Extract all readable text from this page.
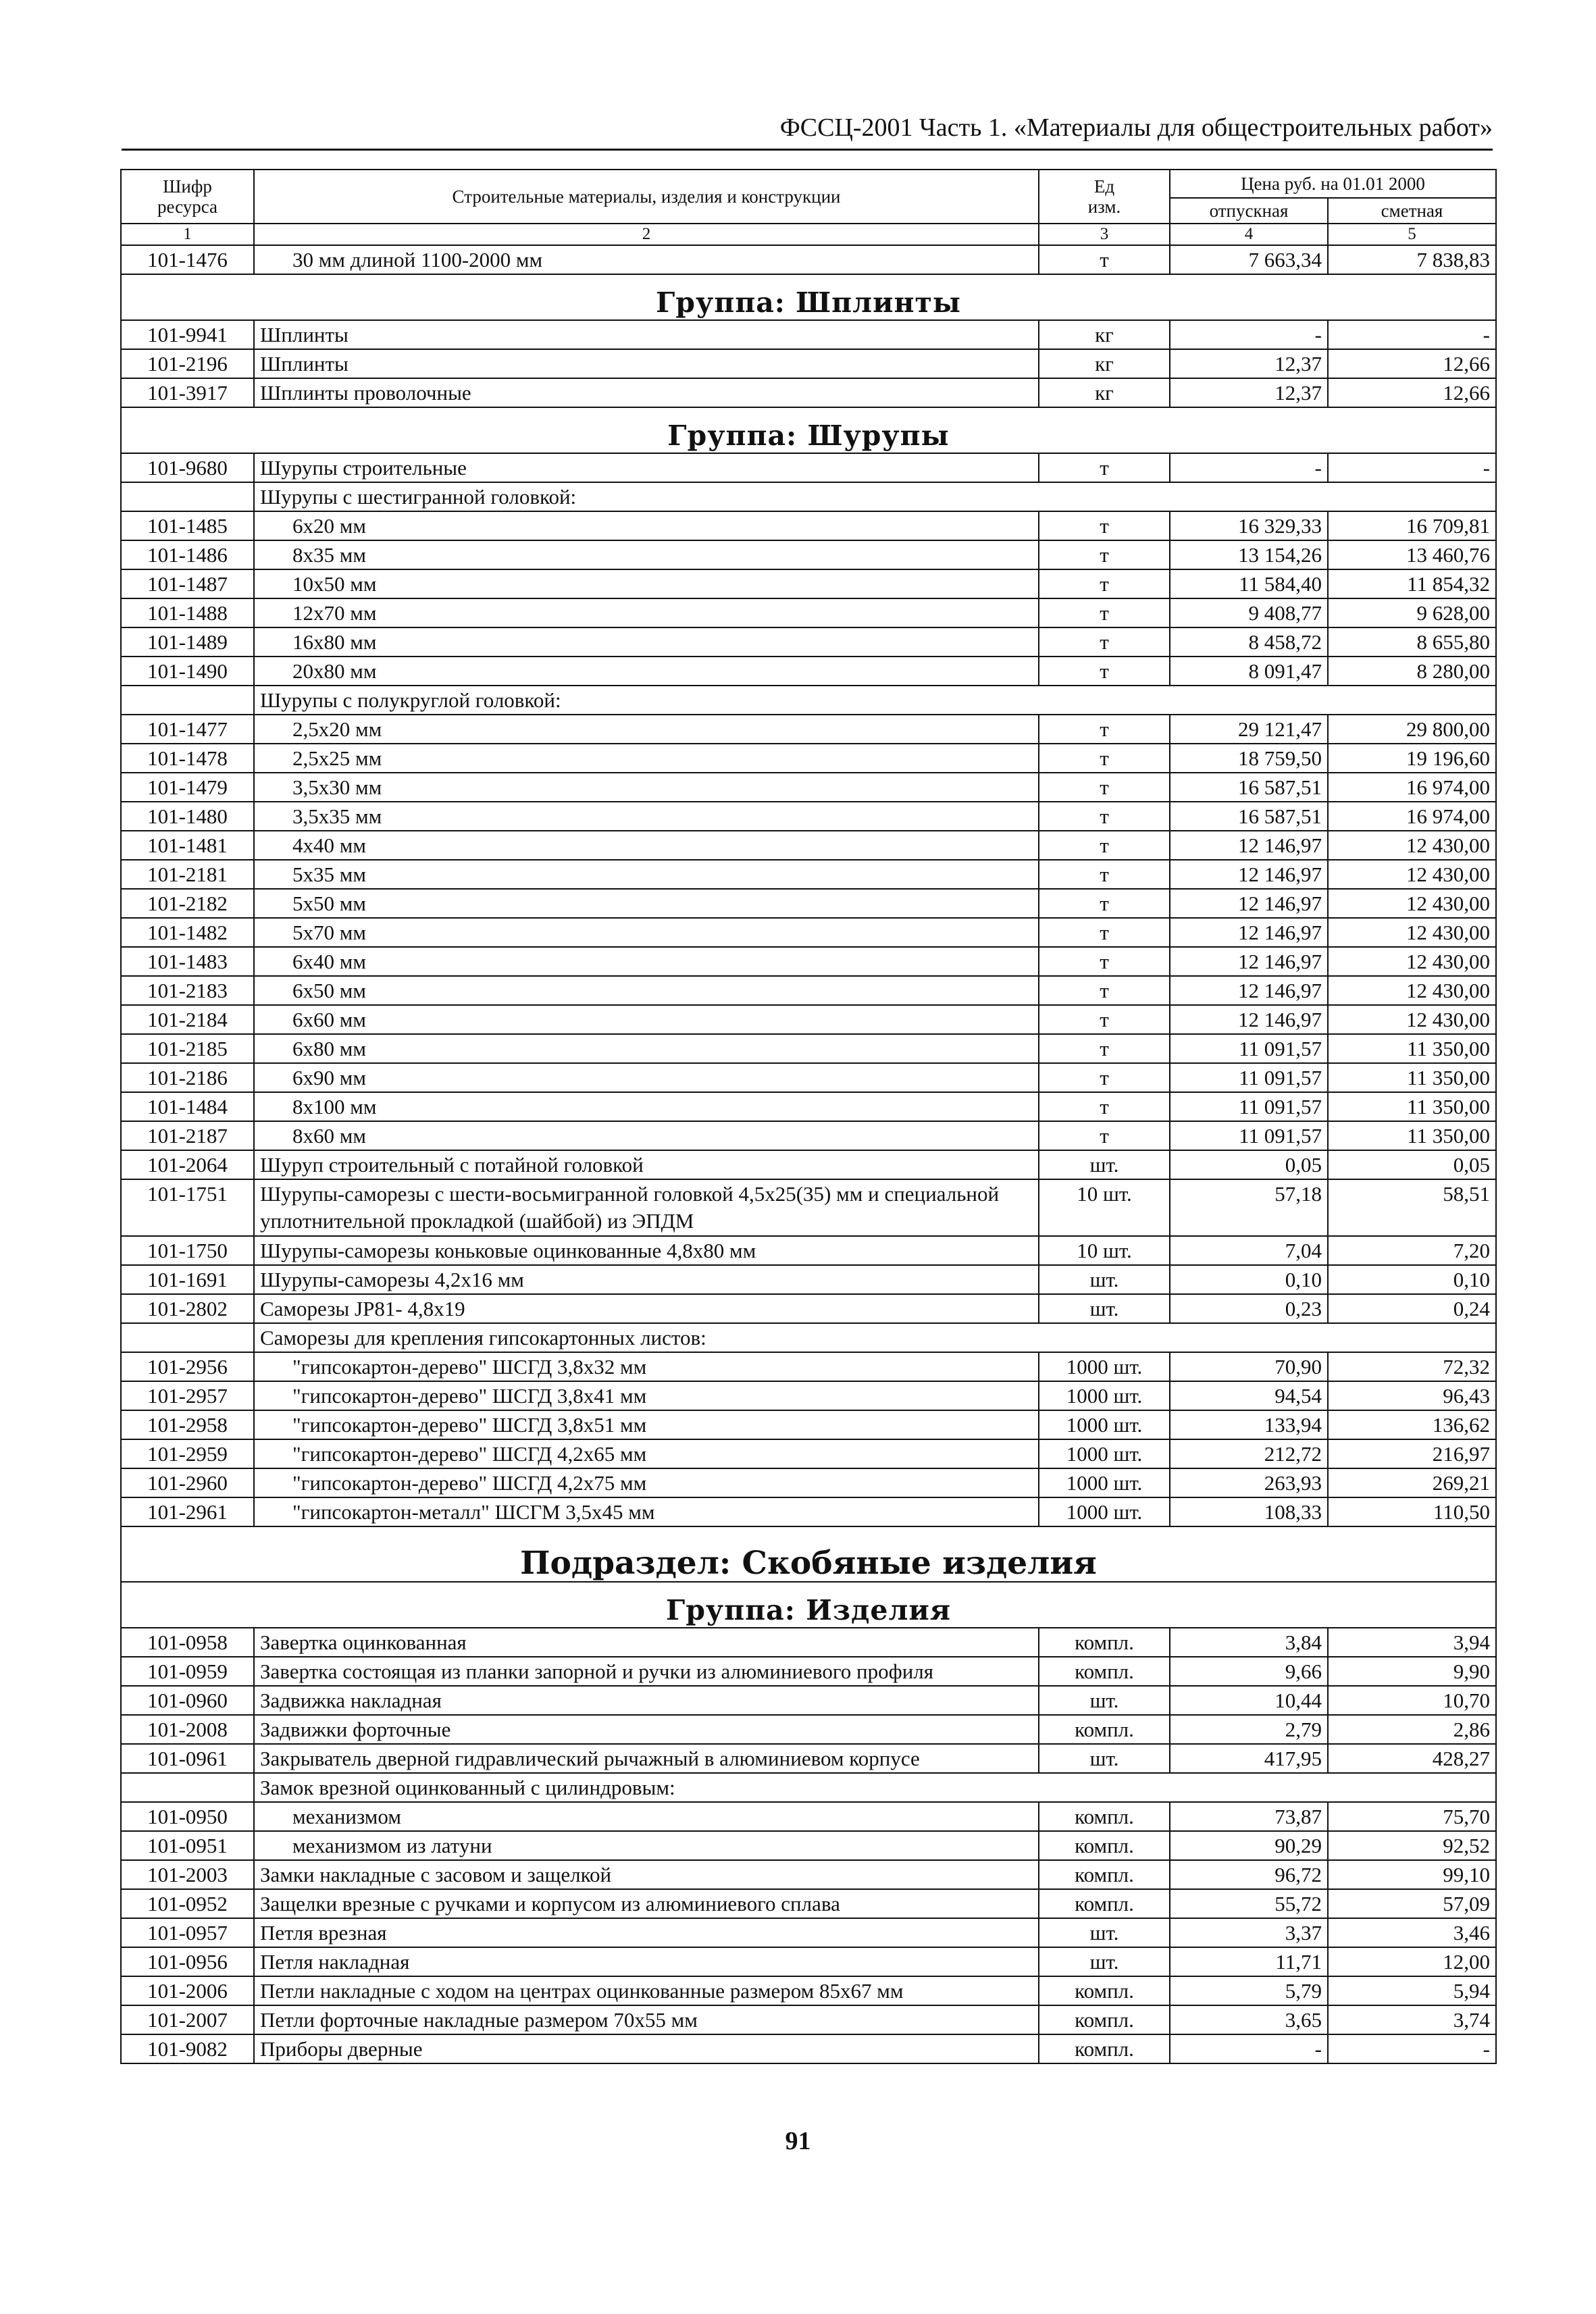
ФССЦ-2001 Часть 1. «Материалы для общестроительных работ»
Шифр
ресурса	Строительные материалы, изделия и конструкции	Ед
изм.	Цена руб. на 01.01 2000	
			отпускная	сметная
1	2	3	4	5
101-1476	30 мм длиной 1100-2000 мм	т	7 663,34	7 838,83
Группа: Шплинты				
101-9941	Шплинты	кг	-	-
101-2196	Шплинты	кг	12,37	12,66
101-3917	Шплинты проволочные	кг	12,37	12,66
Группа: Шурупы				
101-9680	Шурупы строительные	т	-	-
	Шурупы с шестигранной головкой:			
101-1485	6х20 мм	т	16 329,33	16 709,81
101-1486	8х35 мм	т	13 154,26	13 460,76
101-1487	10х50 мм	т	11 584,40	11 854,32
101-1488	12х70 мм	т	9 408,77	9 628,00
101-1489	16х80 мм	т	8 458,72	8 655,80
101-1490	20х80 мм	т	8 091,47	8 280,00
	Шурупы с полукруглой головкой:			
101-1477	2,5х20 мм	т	29 121,47	29 800,00
101-1478	2,5х25 мм	т	18 759,50	19 196,60
101-1479	3,5х30 мм	т	16 587,51	16 974,00
101-1480	3,5х35 мм	т	16 587,51	16 974,00
101-1481	4х40 мм	т	12 146,97	12 430,00
101-2181	5х35 мм	т	12 146,97	12 430,00
101-2182	5х50 мм	т	12 146,97	12 430,00
101-1482	5х70 мм	т	12 146,97	12 430,00
101-1483	6х40 мм	т	12 146,97	12 430,00
101-2183	6х50 мм	т	12 146,97	12 430,00
101-2184	6х60 мм	т	12 146,97	12 430,00
101-2185	6х80 мм	т	11 091,57	11 350,00
101-2186	6х90 мм	т	11 091,57	11 350,00
101-1484	8х100 мм	т	11 091,57	11 350,00
101-2187	8х60 мм	т	11 091,57	11 350,00
101-2064	Шуруп строительный с потайной головкой	шт.	0,05	0,05
101-1751	Шурупы-саморезы с шести-восьмигранной головкой 4,5х25(35) мм и специальной уплотнительной прокладкой (шайбой) из ЭПДМ	10 шт.	57,18	58,51
101-1750	Шурупы-саморезы коньковые оцинкованные 4,8х80 мм	10 шт.	7,04	7,20
101-1691	Шурупы-саморезы 4,2х16 мм	шт.	0,10	0,10
101-2802	Саморезы JP81- 4,8х19	шт.	0,23	0,24
	Саморезы для крепления гипсокартонных листов:			
101-2956	"гипсокартон-дерево" ШСГД 3,8х32 мм	1000 шт.	70,90	72,32
101-2957	"гипсокартон-дерево" ШСГД 3,8х41 мм	1000 шт.	94,54	96,43
101-2958	"гипсокартон-дерево" ШСГД 3,8х51 мм	1000 шт.	133,94	136,62
101-2959	"гипсокартон-дерево" ШСГД 4,2х65 мм	1000 шт.	212,72	216,97
101-2960	"гипсокартон-дерево" ШСГД 4,2х75 мм	1000 шт.	263,93	269,21
101-2961	"гипсокартон-металл" ШСГМ 3,5х45 мм	1000 шт.	108,33	110,50
Подраздел: Скобяные изделия				
Группа: Изделия				
101-0958	Завертка оцинкованная	компл.	3,84	3,94
101-0959	Завертка состоящая из планки запорной и ручки из алюминиевого профиля	компл.	9,66	9,90
101-0960	Задвижка накладная	шт.	10,44	10,70
101-2008	Задвижки форточные	компл.	2,79	2,86
101-0961	Закрыватель дверной гидравлический рычажный в алюминиевом корпусе	шт.	417,95	428,27
	Замок врезной оцинкованный с цилиндровым:			
101-0950	механизмом	компл.	73,87	75,70
101-0951	механизмом из латуни	компл.	90,29	92,52
101-2003	Замки накладные с засовом и защелкой	компл.	96,72	99,10
101-0952	Защелки врезные с ручками и корпусом из алюминиевого сплава	компл.	55,72	57,09
101-0957	Петля врезная	шт.	3,37	3,46
101-0956	Петля накладная	шт.	11,71	12,00
101-2006	Петли накладные с ходом на центрах оцинкованные размером 85х67 мм	компл.	5,79	5,94
101-2007	Петли форточные накладные размером 70х55 мм	компл.	3,65	3,74
101-9082	Приборы дверные	компл.	-	-
91
